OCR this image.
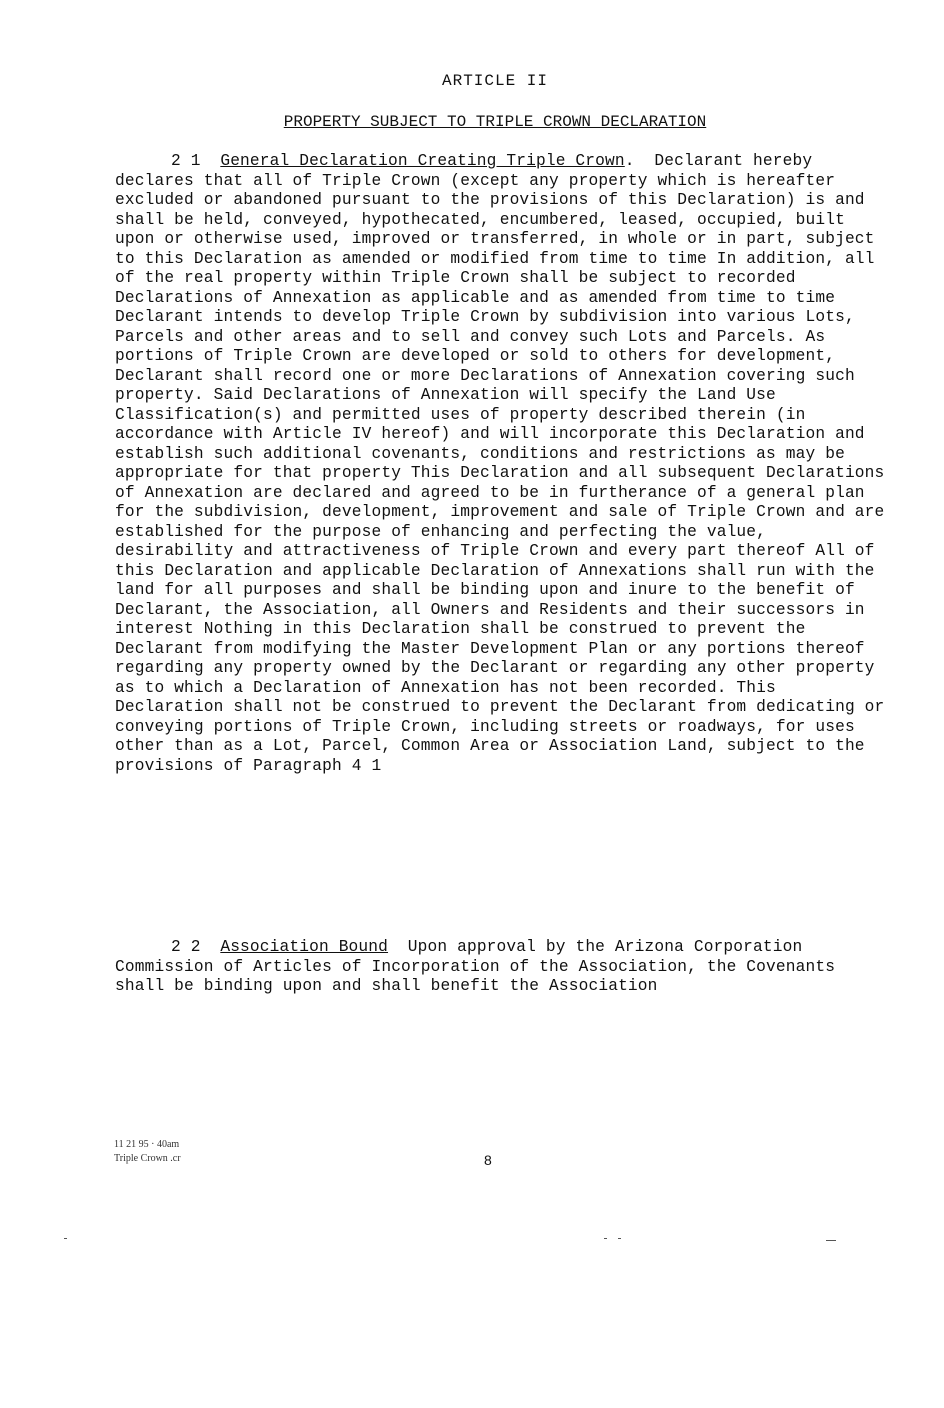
ARTICLE II
PROPERTY SUBJECT TO TRIPLE CROWN DECLARATION

2 1 General Declaration Creating Triple Crown.  Declarant hereby declares that all of Triple Crown (except any property which is hereafter excluded or abandoned pursuant to the provisions of this Declaration) is and shall be held, conveyed, hypothecated, encumbered, leased, occupied, built upon or otherwise used, improved or transferred, in whole or in part, subject to this Declaration as amended or modified from time to time In addition, all of the real property within Triple Crown shall be subject to recorded Declarations of Annexation as applicable and as amended from time to time Declarant intends to develop Triple Crown by subdivision into various Lots, Parcels and other areas and to sell and convey such Lots and Parcels. As portions of Triple Crown are developed or sold to others for development, Declarant shall record one or more Declarations of Annexation covering such property. Said Declarations of Annexation will specify the Land Use Classification(s) and permitted uses of property described therein (in accordance with Article IV hereof) and will incorporate this Declaration and establish such additional covenants, conditions and restrictions as may be appropriate for that property This Declaration and all subsequent Declarations of Annexation are declared and agreed to be in furtherance of a general plan for the subdivision, development, improvement and sale of Triple Crown and are established for the purpose of enhancing and perfecting the value, desirability and attractiveness of Triple Crown and every part thereof All of this Declaration and applicable Declaration of Annexations shall run with the land for all purposes and shall be binding upon and inure to the benefit of Declarant, the Association, all Owners and Residents and their successors in interest Nothing in this Declaration shall be construed to prevent the Declarant from modifying the Master Development Plan or any portions thereof regarding any property owned by the Declarant or regarding any other property as to which a Declaration of Annexation has not been recorded. This Declaration shall not be construed to prevent the Declarant from dedicating or conveying portions of Triple Crown, including streets or roadways, for uses other than as a Lot, Parcel, Common Area or Association Land, subject to the provisions of Paragraph 4 1

2 2 Association Bound Upon approval by the Arizona Corporation Commission of Articles of Incorporation of the Association, the Covenants shall be binding upon and shall benefit the Association

11 21 95 · 40am
Triple Crown .cr	8
